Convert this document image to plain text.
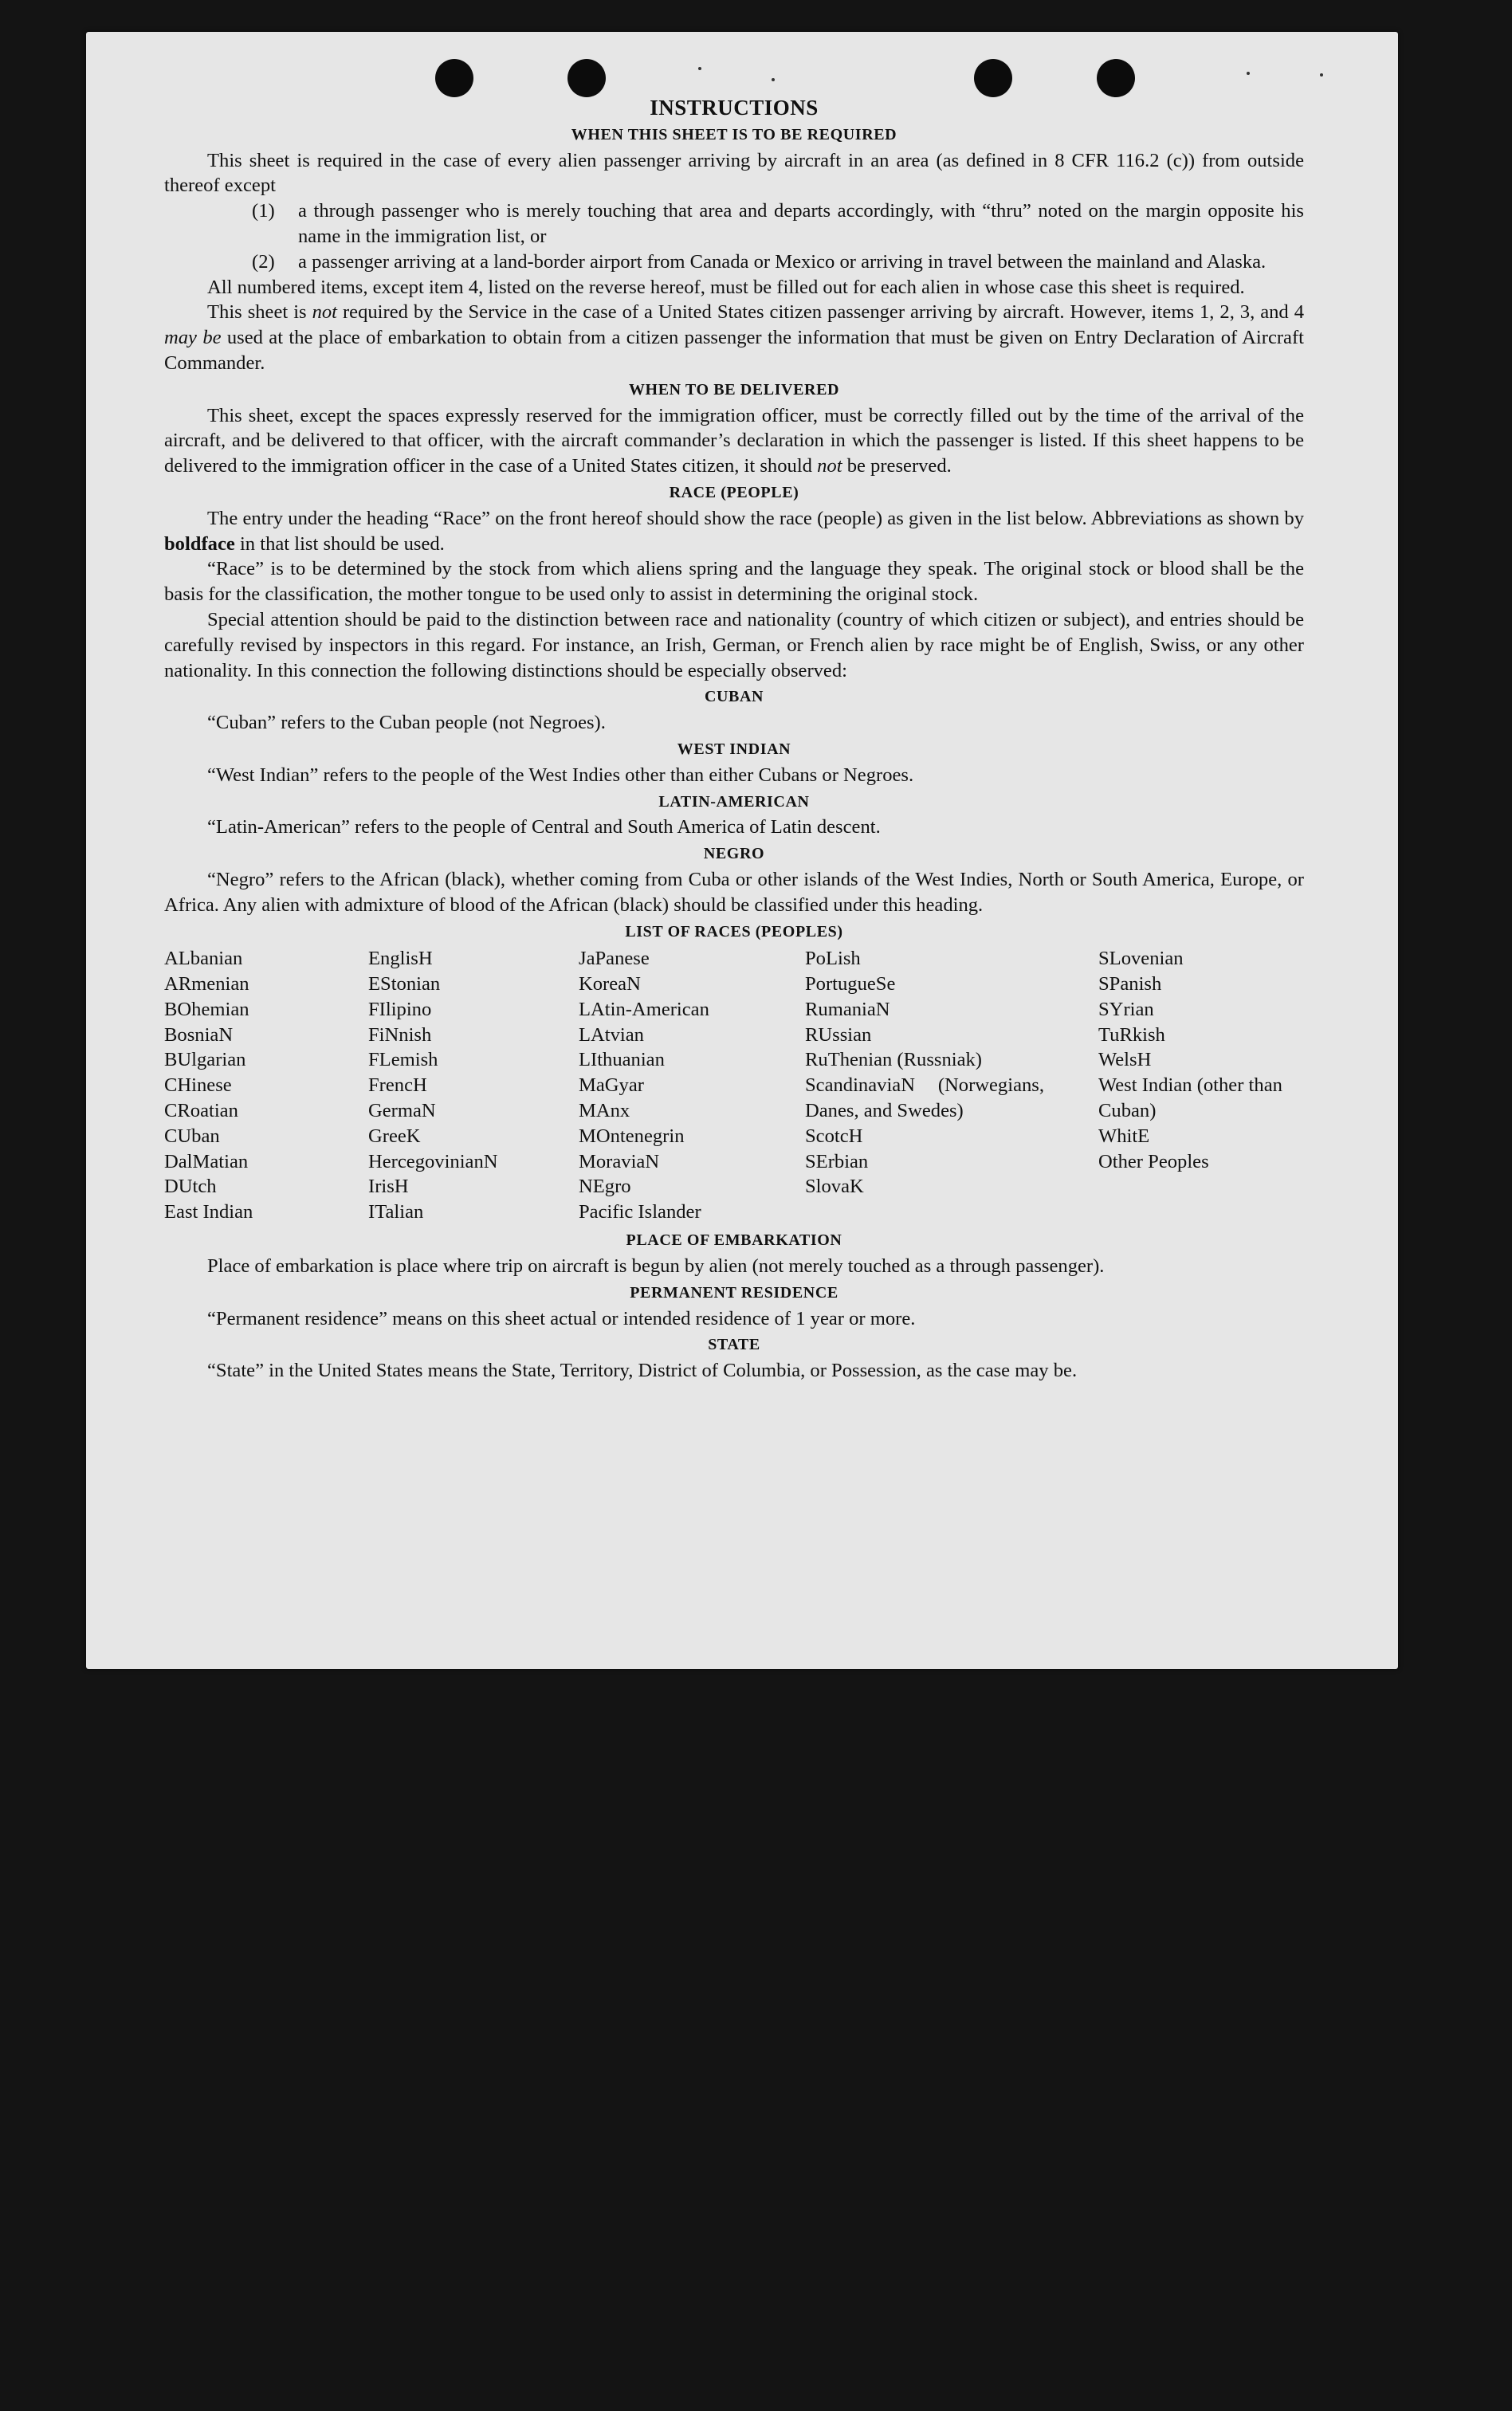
INSTRUCTIONS
WHEN THIS SHEET IS TO BE REQUIRED

This sheet is required in the case of every alien passenger arriving by aircraft in an area (as defined in 8 CFR 116.2 (c)) from outside thereof except

(1)	a through passenger who is merely touching that area and departs accordingly, with “thru” noted on the margin opposite his name in the immigration list, or
(2)	a passenger arriving at a land-border airport from Canada or Mexico or arriving in travel between the mainland and Alaska.

All numbered items, except item 4, listed on the reverse hereof, must be filled out for each alien in whose case this sheet is required.

This sheet is not required by the Service in the case of a United States citizen passenger arriving by aircraft. However, items 1, 2, 3, and 4 may be used at the place of embarkation to obtain from a citizen passenger the information that must be given on Entry Declaration of Aircraft Commander.

WHEN TO BE DELIVERED

This sheet, except the spaces expressly reserved for the immigration officer, must be correctly filled out by the time of the arrival of the aircraft, and be delivered to that officer, with the aircraft commander’s declaration in which the passenger is listed. If this sheet happens to be delivered to the immigration officer in the case of a United States citizen, it should not be preserved.

RACE (PEOPLE)

The entry under the heading “Race” on the front hereof should show the race (people) as given in the list below. Abbreviations as shown by boldface in that list should be used.

“Race” is to be determined by the stock from which aliens spring and the language they speak. The original stock or blood shall be the basis for the classification, the mother tongue to be used only to assist in determining the original stock.

Special attention should be paid to the distinction between race and nationality (country of which citizen or subject), and entries should be carefully revised by inspectors in this regard. For instance, an Irish, German, or French alien by race might be of English, Swiss, or any other nationality. In this connection the following distinctions should be especially observed:

CUBAN

“Cuban” refers to the Cuban people (not Negroes).

WEST INDIAN

“West Indian” refers to the people of the West Indies other than either Cubans or Negroes.

LATIN-AMERICAN

“Latin-American” refers to the people of Central and South America of Latin descent.

NEGRO

“Negro” refers to the African (black), whether coming from Cuba or other islands of the West Indies, North or South America, Europe, or Africa. Any alien with admixture of blood of the African (black) should be classified under this heading.

LIST OF RACES (PEOPLES)
ALbanian
ARmenian
BOhemian
BosniaN
BUlgarian
CHinese
CRoatian
CUban
DalMatian
DUtch
East Indian
EnglisH
EStonian
FIlipino
FiNnish
FLemish
FrencH
GermaN
GreeK
HercegovinianN
IrisH
ITalian
JaPanese
KoreaN
LAtin-American
LAtvian
LIthuanian
MaGyar
MAnx
MOntenegrin
MoraviaN
NEgro
Pacific Islander
PoLish
PortugueSe
RumaniaN
RUssian
RuThenian (Russniak)
ScandinaviaN (Norwegians, Danes, and Swedes)
ScotcH
SErbian
SlovaK
SLovenian
SPanish
SYrian
TuRkish
WelsH
West Indian (other than Cuban)
WhitE
Other Peoples
PLACE OF EMBARKATION

Place of embarkation is place where trip on aircraft is begun by alien (not merely touched as a through passenger).

PERMANENT RESIDENCE

“Permanent residence” means on this sheet actual or intended residence of 1 year or more.

STATE

“State” in the United States means the State, Territory, District of Columbia, or Possession, as the case may be.
